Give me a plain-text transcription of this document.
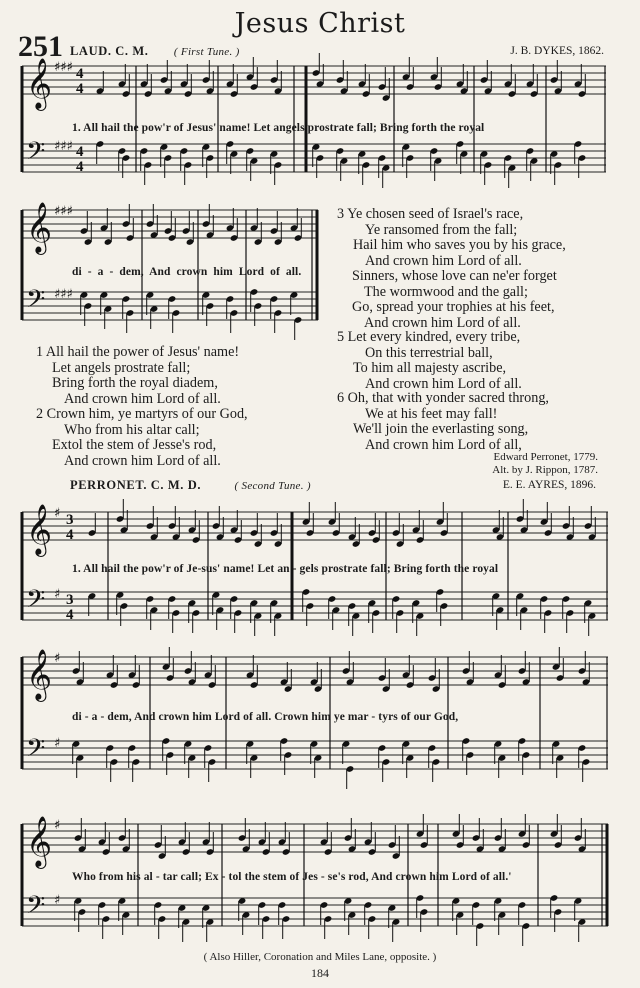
Jesus Christ
251 LAUD. C. M. ( First Tune. )	J. B. DYKES, 1862.
𝄞
𝄢
♯♯♯
♯♯♯
4
4
4
4
1. All hail the pow'r of Jesus' name! Let angels prostrate fall; Bring forth the royal
𝄞
𝄢
♯♯♯
♯♯♯
di - a - dem, And crown him Lord of all.
1 All hail the power of Jesus' name!
Let angels prostrate fall;
Bring forth the royal diadem,
And crown him Lord of all.
2 Crown him, ye martyrs of our God,
Who from his altar call;
Extol the stem of Jesse's rod,
And crown him Lord of all.
3 Ye chosen seed of Israel's race,
Ye ransomed from the fall;
Hail him who saves you by his grace,
And crown him Lord of all.
Sinners, whose love can ne'er forget
The wormwood and the gall;
Go, spread your trophies at his feet,
And crown him Lord of all.
5 Let every kindred, every tribe,
On this terrestrial ball,
To him all majesty ascribe,
And crown him Lord of all.
6 Oh, that with yonder sacred throng,
We at his feet may fall!
We'll join the everlasting song,
And crown him Lord of all,
Edward Perronet, 1779.
Alt. by J. Rippon, 1787.
PERRONET. C. M. D.	( Second Tune. )	E. E. AYRES, 1896.
𝄞
𝄢
♯
♯
3
4
3
4
1. All hail the pow'r of Je-sus' name! Let an - gels prostrate fall; Bring forth the royal
𝄞
𝄢
♯
♯
di - a - dem, And crown him Lord of all. Crown him ye mar - tyrs of our God,
𝄞
𝄢
♯
♯
Who from his al - tar call; Ex - tol the stem of Jes - se's rod, And crown him Lord of all.'
( Also Hiller, Coronation and Miles Lane, opposite. )
184
